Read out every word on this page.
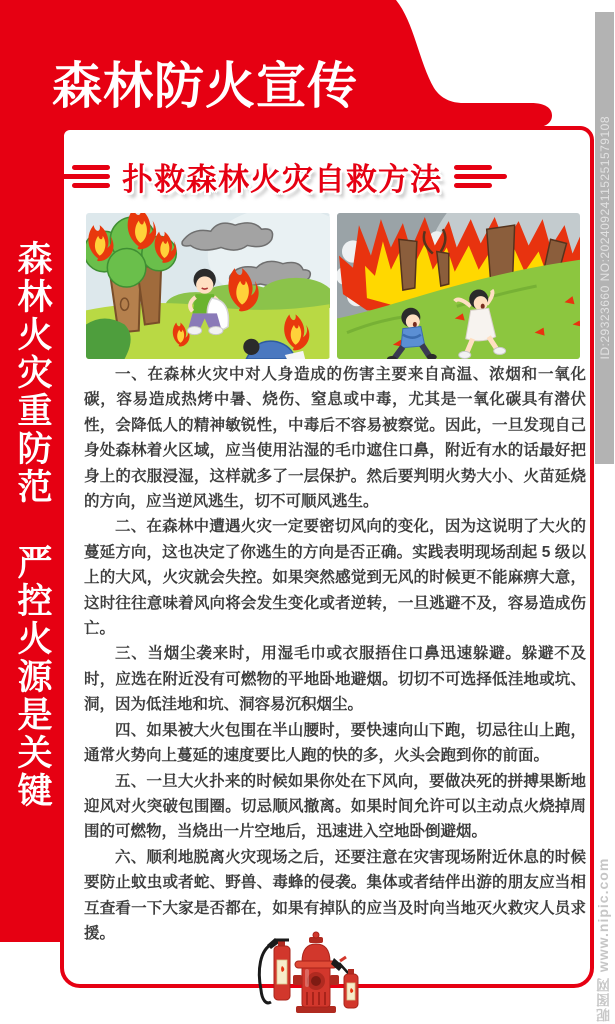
森林火灾重防范　严控火源是关键
森林防火宣传
扑救森林火灾自救方法

一、在森林火灾中对人身造成的伤害主要来自高温、浓烟和一氧化碳，容易造成热烤中暑、烧伤、窒息或中毒，尤其是一氧化碳具有潜伏性，会降低人的精神敏锐性，中毒后不容易被察觉。因此，一旦发现自己身处森林着火区域，应当使用沾湿的毛巾遮住口鼻，附近有水的话最好把身上的衣服浸湿，这样就多了一层保护。然后要判明火势大小、火苗延烧的方向，应当逆风逃生，切不可顺风逃生。

二、在森林中遭遇火灾一定要密切风向的变化，因为这说明了大火的蔓延方向，这也决定了你逃生的方向是否正确。实践表明现场刮起 5 级以上的大风，火灾就会失控。如果突然感觉到无风的时候更不能麻痹大意，这时往往意味着风向将会发生变化或者逆转，一旦逃避不及，容易造成伤亡。

三、当烟尘袭来时，用湿毛巾或衣服捂住口鼻迅速躲避。躲避不及时，应选在附近没有可燃物的平地卧地避烟。切切不可选择低洼地或坑、洞，因为低洼地和坑、洞容易沉积烟尘。

四、如果被大火包围在半山腰时，要快速向山下跑，切忌往山上跑，通常火势向上蔓延的速度要比人跑的快的多，火头会跑到你的前面。

五、一旦大火扑来的时候如果你处在下风向，要做决死的拼搏果断地迎风对火突破包围圈。切忌顺风撤离。如果时间允许可以主动点火烧掉周围的可燃物，当烧出一片空地后，迅速进入空地卧倒避烟。

六、顺利地脱离火灾现场之后，还要注意在灾害现场附近休息的时候要防止蚊虫或者蛇、野兽、毒蜂的侵袭。集体或者结伴出游的朋友应当相互查看一下大家是否都在，如果有掉队的应当及时向当地灭火救灾人员求援。

ID:29323660 NO:20240924115251579108
昵图网 www.nipic.com
